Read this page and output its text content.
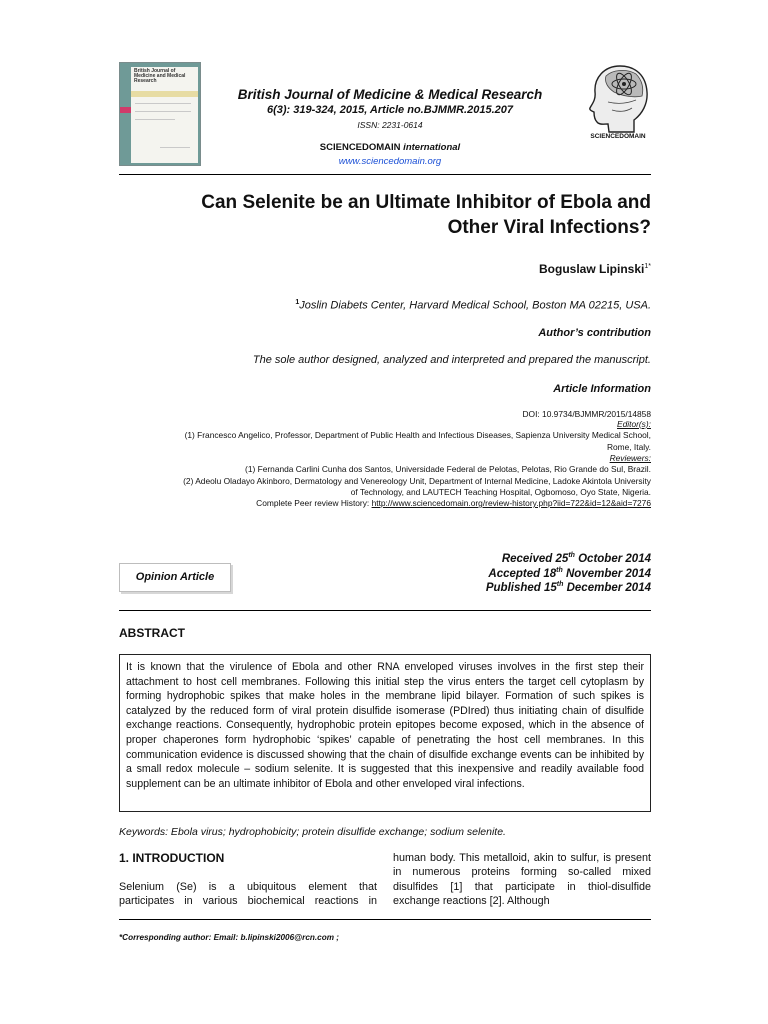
British Journal of Medicine and Medical Research
British Journal of Medicine & Medical Research
6(3): 319-324, 2015, Article no.BJMMR.2015.207
ISSN: 2231-0614
SCIENCEDOMAIN international
www.sciencedomain.org
SCIENCEDOMAIN
Can Selenite be an Ultimate Inhibitor of Ebola and
Other Viral Infections?
Boguslaw Lipinski$^{1*}$
$^1$Joslin Diabets Center, Harvard Medical School, Boston MA 02215, USA.
Author’s contribution
The sole author designed, analyzed and interpreted and prepared the manuscript.
Article Information
DOI: 10.9734/BJMMR/2015/14858
Editor(s):
(1) Francesco Angelico, Professor, Department of Public Health and Infectious Diseases, Sapienza University Medical School,
Rome, Italy.
Reviewers:
(1) Fernanda Carlini Cunha dos Santos, Universidade Federal de Pelotas, Pelotas, Rio Grande do Sul, Brazil.
(2) Adeolu Oladayo Akinboro, Dermatology and Venereology Unit, Department of Internal Medicine, Ladoke Akintola University
of Technology, and LAUTECH Teaching Hospital, Ogbomoso, Oyo State, Nigeria.
Complete Peer review History: http://www.sciencedomain.org/review-history.php?iid=722&id=12&aid=7276
Opinion Article
Received 25th October 2014
Accepted 18th November 2014
Published 15th December 2014
ABSTRACT

It is known that the virulence of Ebola and other RNA enveloped viruses involves in the first step their attachment to host cell membranes. Following this initial step the virus enters the target cell cytoplasm by forming hydrophobic spikes that make holes in the membrane lipid bilayer. Formation of such spikes is catalyzed by the reduced form of viral protein disulfide isomerase (PDIred) thus initiating chain of disulfide exchange reactions. Consequently, hydrophobic protein epitopes become exposed, which in the absence of proper chaperones form hydrophobic ‘spikes’ capable of penetrating the host cell membranes. In this communication evidence is discussed showing that the chain of disulfide exchange events can be inhibited by a small redox molecule – sodium selenite. It is suggested that this inexpensive and readily available food supplement can be an ultimate inhibitor of Ebola and other enveloped viral infections.

Keywords: Ebola virus; hydrophobicity; protein disulfide exchange; sodium selenite.
1. INTRODUCTION
Selenium (Se) is a ubiquitous element that participates in various biochemical reactions in
human body. This metalloid, akin to sulfur, is present in numerous proteins forming so-called mixed disulfides [1] that participate in thiol-disulfide exchange reactions [2]. Although
*Corresponding author: Email: b.lipinski2006@rcn.com ;
